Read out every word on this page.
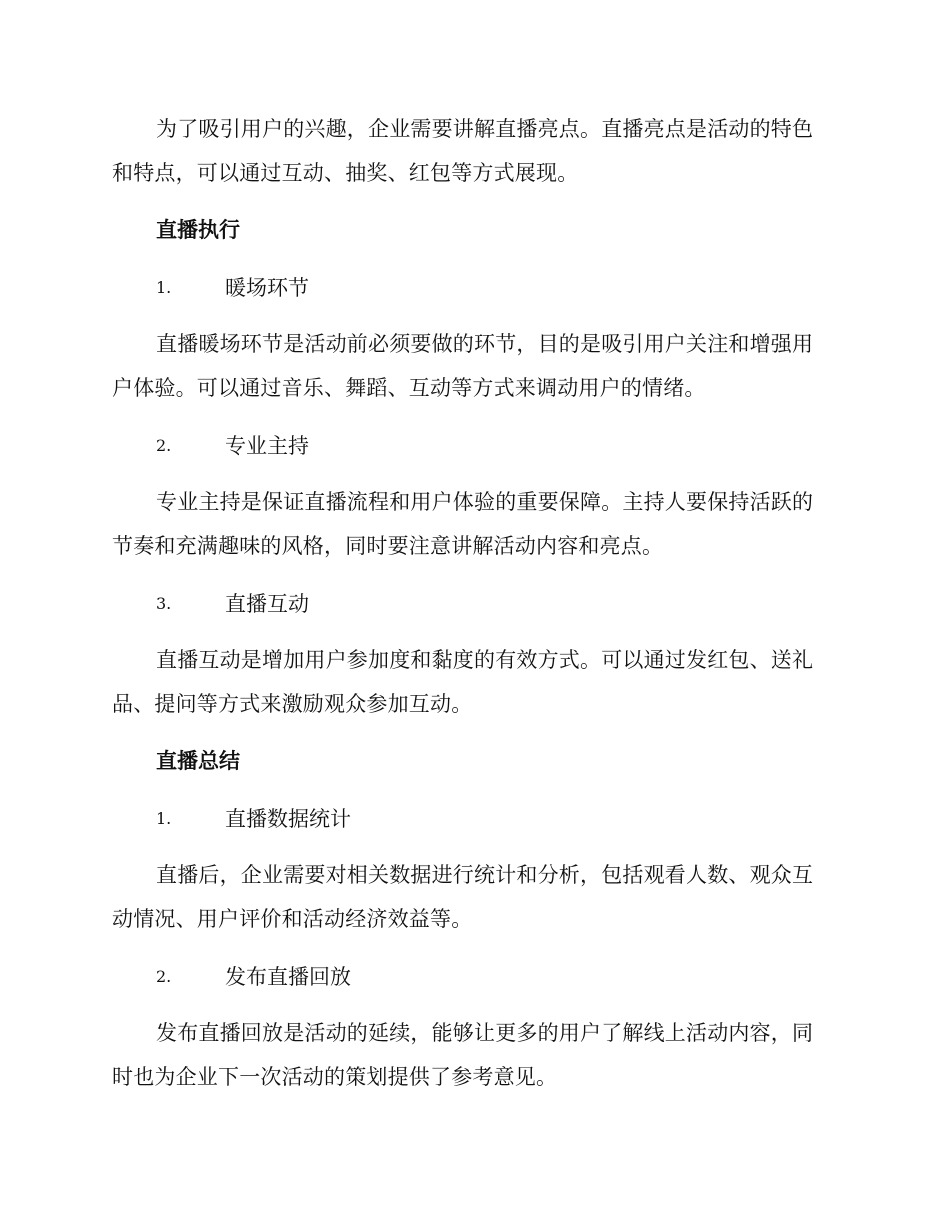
为了吸引用户的兴趣，企业需要讲解直播亮点。直播亮点是活动的特色和特点，可以通过互动、抽奖、红包等方式展现。

直播执行
1.	暖场环节

直播暖场环节是活动前必须要做的环节，目的是吸引用户关注和增强用户体验。可以通过音乐、舞蹈、互动等方式来调动用户的情绪。

2.	专业主持

专业主持是保证直播流程和用户体验的重要保障。主持人要保持活跃的节奏和充满趣味的风格，同时要注意讲解活动内容和亮点。

3.	直播互动

直播互动是增加用户参加度和黏度的有效方式。可以通过发红包、送礼品、提问等方式来激励观众参加互动。

直播总结
1.	直播数据统计

直播后，企业需要对相关数据进行统计和分析，包括观看人数、观众互动情况、用户评价和活动经济效益等。

2.	发布直播回放

发布直播回放是活动的延续，能够让更多的用户了解线上活动内容，同时也为企业下一次活动的策划提供了参考意见。
